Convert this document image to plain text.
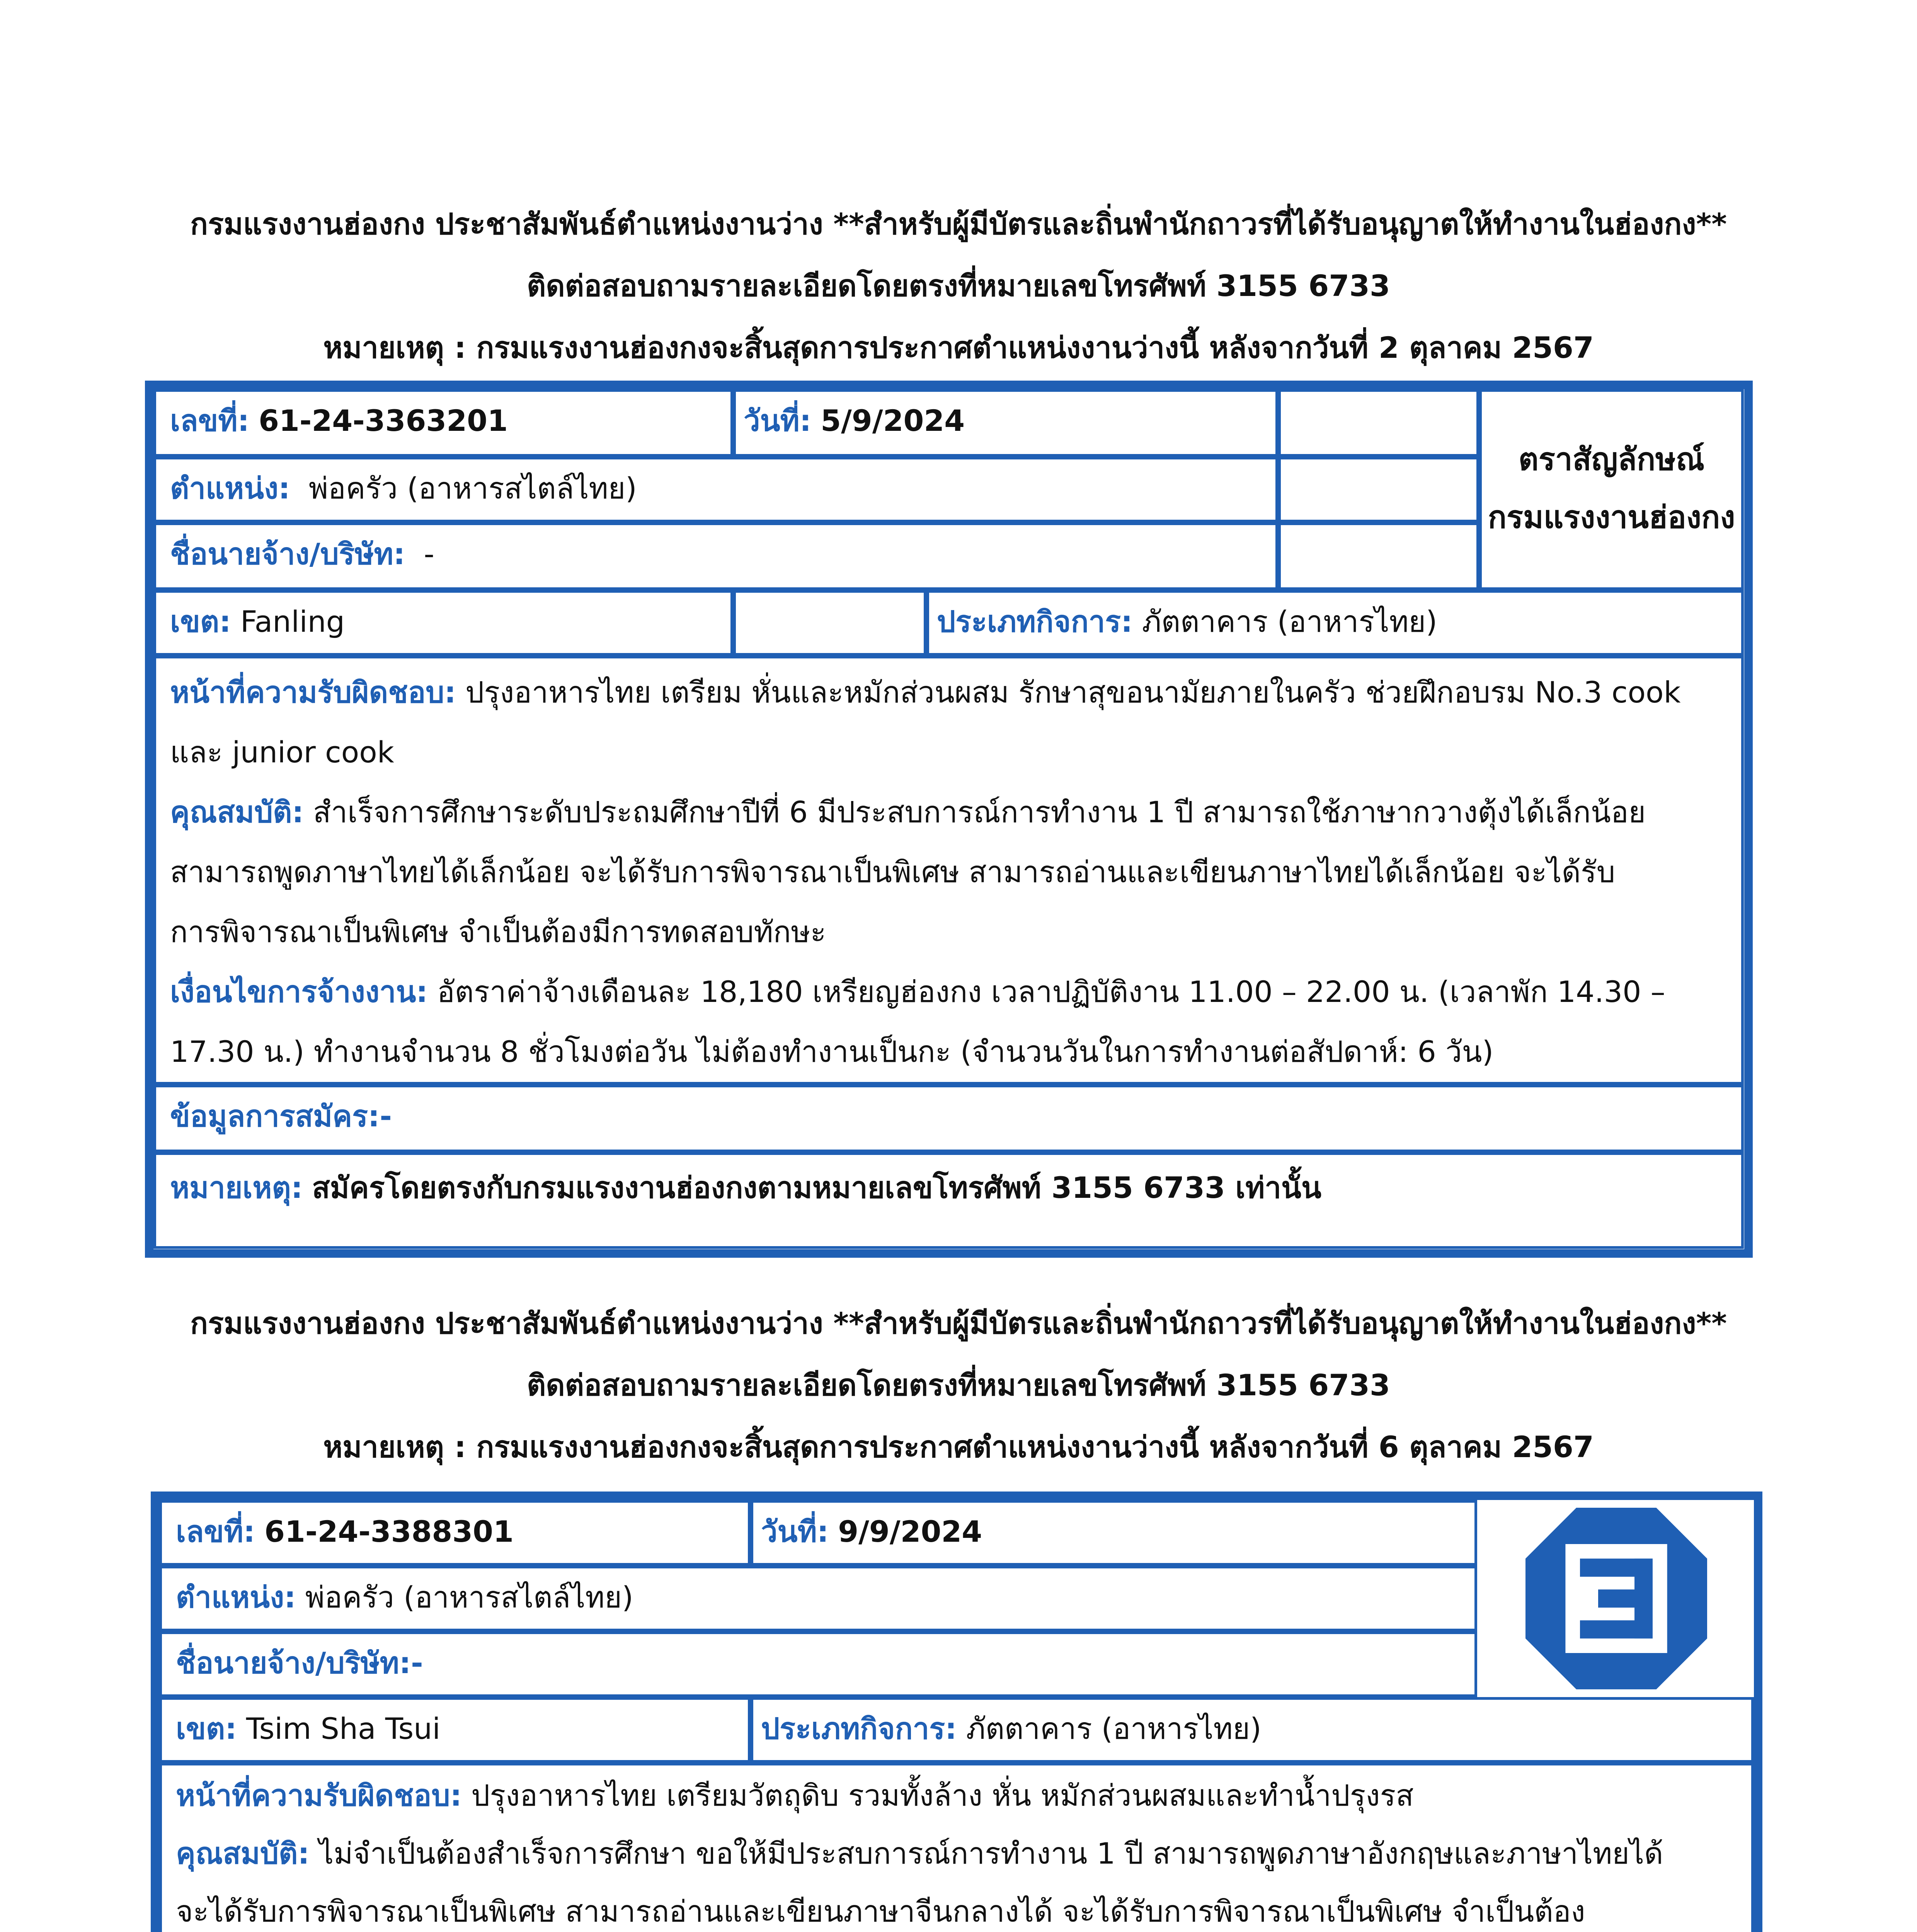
กรมแรงงานฮ่องกง ประชาสัมพันธ์ตำแหน่งงานว่าง **สำหรับผู้มีบัตรและถิ่นพำนักถาวรที่ได้รับอนุญาตให้ทำงานในฮ่องกง**
ติดต่อสอบถามรายละเอียดโดยตรงที่หมายเลขโทรศัพท์ 3155 6733
หมายเหตุ : กรมแรงงานฮ่องกงจะสิ้นสุดการประกาศตำแหน่งงานว่างนี้ หลังจากวันที่ 2 ตุลาคม 2567
เลขที่: 61-24-3363201	วันที่: 5/9/2024
ตราสัญลักษณ์
กรมแรงงานฮ่องกง
ตำแหน่ง: พ่อครัว (อาหารสไตล์ไทย)
ชื่อนายจ้าง/บริษัท: -
เขต: Fanling	ประเภทกิจการ: ภัตตาคาร (อาหารไทย)
หน้าที่ความรับผิดชอบ: ปรุงอาหารไทย เตรียม หั่นและหมักส่วนผสม รักษาสุขอนามัยภายในครัว ช่วยฝึกอบรม No.3 cook
และ junior cook
คุณสมบัติ: สำเร็จการศึกษาระดับประถมศึกษาปีที่ 6 มีประสบการณ์การทำงาน 1 ปี สามารถใช้ภาษากวางตุ้งได้เล็กน้อย
สามารถพูดภาษาไทยได้เล็กน้อย จะได้รับการพิจารณาเป็นพิเศษ สามารถอ่านและเขียนภาษาไทยได้เล็กน้อย จะได้รับ
การพิจารณาเป็นพิเศษ จำเป็นต้องมีการทดสอบทักษะ
เงื่อนไขการจ้างงาน: อัตราค่าจ้างเดือนละ 18,180 เหรียญฮ่องกง เวลาปฏิบัติงาน 11.00 – 22.00 น. (เวลาพัก 14.30 –
17.30 น.) ทำงานจำนวน 8 ชั่วโมงต่อวัน ไม่ต้องทำงานเป็นกะ (จำนวนวันในการทำงานต่อสัปดาห์: 6 วัน)
ข้อมูลการสมัคร:-
หมายเหตุ: สมัครโดยตรงกับกรมแรงงานฮ่องกงตามหมายเลขโทรศัพท์ 3155 6733 เท่านั้น
กรมแรงงานฮ่องกง ประชาสัมพันธ์ตำแหน่งงานว่าง **สำหรับผู้มีบัตรและถิ่นพำนักถาวรที่ได้รับอนุญาตให้ทำงานในฮ่องกง**
ติดต่อสอบถามรายละเอียดโดยตรงที่หมายเลขโทรศัพท์ 3155 6733
หมายเหตุ : กรมแรงงานฮ่องกงจะสิ้นสุดการประกาศตำแหน่งงานว่างนี้ หลังจากวันที่ 6 ตุลาคม 2567
เลขที่: 61-24-3388301	วันที่: 9/9/2024
ตำแหน่ง: พ่อครัว (อาหารสไตล์ไทย)
ชื่อนายจ้าง/บริษัท:-
เขต: Tsim Sha Tsui	ประเภทกิจการ: ภัตตาคาร (อาหารไทย)
หน้าที่ความรับผิดชอบ: ปรุงอาหารไทย เตรียมวัตถุดิบ รวมทั้งล้าง หั่น หมักส่วนผสมและทำน้ำปรุงรส
คุณสมบัติ: ไม่จำเป็นต้องสำเร็จการศึกษา ขอให้มีประสบการณ์การทำงาน 1 ปี สามารถพูดภาษาอังกฤษและภาษาไทยได้
จะได้รับการพิจารณาเป็นพิเศษ สามารถอ่านและเขียนภาษาจีนกลางได้ จะได้รับการพิจารณาเป็นพิเศษ จำเป็นต้อง
